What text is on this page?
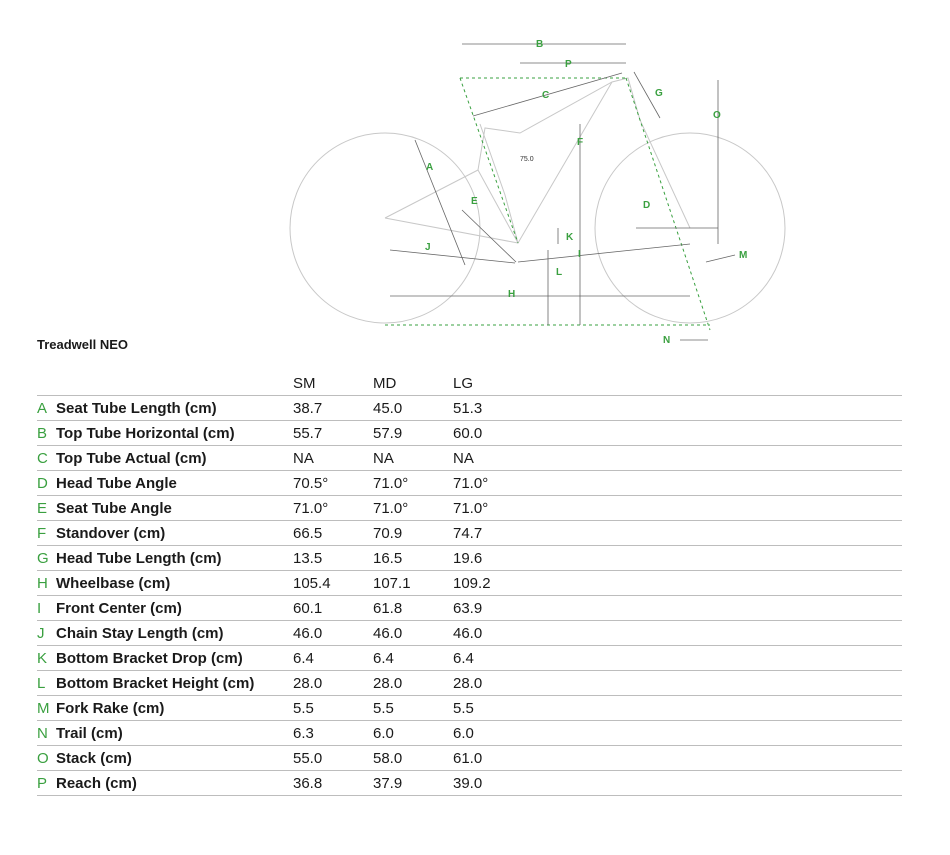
B
P
C	G
O
F
A
E	D
K
J
I	M
L
H
N
75.0
Treadwell NEO
		SM	MD	LG	
A	Seat Tube Length (cm)	38.7	45.0	51.3	
B	Top Tube Horizontal (cm)	55.7	57.9	60.0	
C	Top Tube Actual (cm)	NA	NA	NA	
D	Head Tube Angle	70.5°	71.0°	71.0°	
E	Seat Tube Angle	71.0°	71.0°	71.0°	
F	Standover (cm)	66.5	70.9	74.7	
G	Head Tube Length (cm)	13.5	16.5	19.6	
H	Wheelbase (cm)	105.4	107.1	109.2	
I	Front Center (cm)	60.1	61.8	63.9	
J	Chain Stay Length (cm)	46.0	46.0	46.0	
K	Bottom Bracket Drop (cm)	6.4	6.4	6.4	
L	Bottom Bracket Height (cm)	28.0	28.0	28.0	
M	Fork Rake (cm)	5.5	5.5	5.5	
N	Trail (cm)	6.3	6.0	6.0	
O	Stack (cm)	55.0	58.0	61.0	
P	Reach (cm)	36.8	37.9	39.0	
